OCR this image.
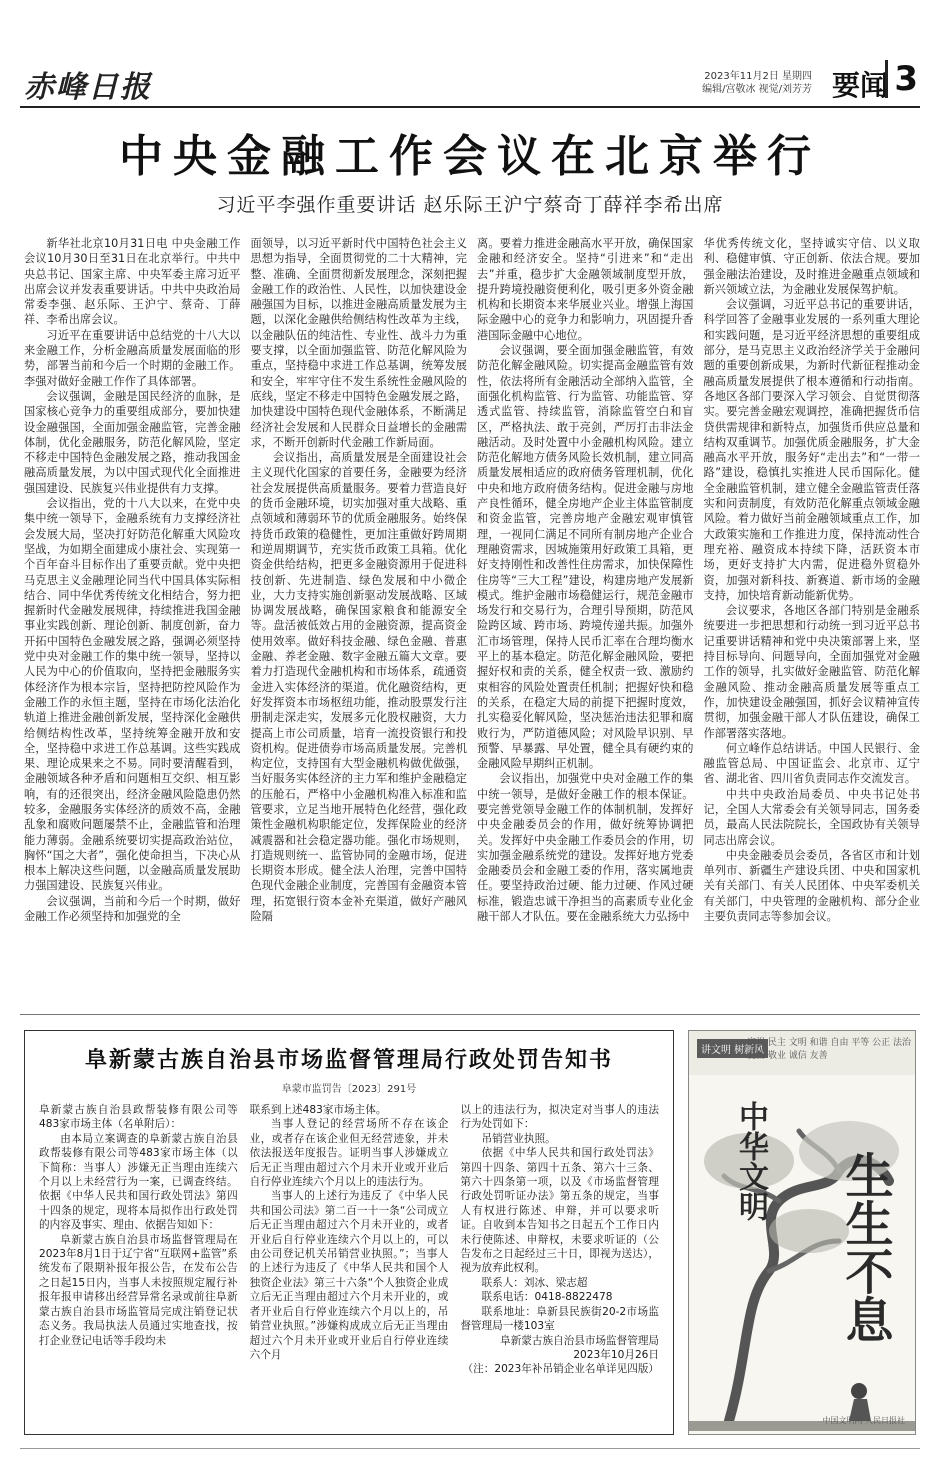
赤峰日报	2023年11月2日 星期四
编辑/宫敬冰 视觉/刘芳芳 要闻 3
中央金融工作会议在北京举行
习近平李强作重要讲话 赵乐际王沪宁蔡奇丁薛祥李希出席

新华社北京10月31日电 中央金融工作会议10月30日至31日在北京举行。中共中央总书记、国家主席、中央军委主席习近平出席会议并发表重要讲话。中共中央政治局常委李强、赵乐际、王沪宁、蔡奇、丁薛祥、李希出席会议。

习近平在重要讲话中总结党的十八大以来金融工作，分析金融高质量发展面临的形势，部署当前和今后一个时期的金融工作。李强对做好金融工作作了具体部署。

会议强调，金融是国民经济的血脉，是国家核心竞争力的重要组成部分，要加快建设金融强国，全面加强金融监管，完善金融体制，优化金融服务，防范化解风险，坚定不移走中国特色金融发展之路，推动我国金融高质量发展，为以中国式现代化全面推进强国建设、民族复兴伟业提供有力支撑。

会议指出，党的十八大以来，在党中央集中统一领导下，金融系统有力支撑经济社会发展大局，坚决打好防范化解重大风险攻坚战，为如期全面建成小康社会、实现第一个百年奋斗目标作出了重要贡献。党中央把马克思主义金融理论同当代中国具体实际相结合、同中华优秀传统文化相结合，努力把握新时代金融发展规律，持续推进我国金融事业实践创新、理论创新、制度创新，奋力开拓中国特色金融发展之路，强调必须坚持党中央对金融工作的集中统一领导，坚持以人民为中心的价值取向，坚持把金融服务实体经济作为根本宗旨，坚持把防控风险作为金融工作的永恒主题，坚持在市场化法治化轨道上推进金融创新发展，坚持深化金融供给侧结构性改革，坚持统筹金融开放和安全，坚持稳中求进工作总基调。这些实践成果、理论成果来之不易。同时要清醒看到，金融领域各种矛盾和问题相互交织、相互影响，有的还很突出，经济金融风险隐患仍然较多，金融服务实体经济的质效不高，金融乱象和腐败问题屡禁不止，金融监管和治理能力薄弱。金融系统要切实提高政治站位，胸怀“国之大者”，强化使命担当，下决心从根本上解决这些问题，以金融高质量发展助力强国建设、民族复兴伟业。

会议强调，当前和今后一个时期，做好金融工作必须坚持和加强党的全

面领导，以习近平新时代中国特色社会主义思想为指导，全面贯彻党的二十大精神，完整、准确、全面贯彻新发展理念，深刻把握金融工作的政治性、人民性，以加快建设金融强国为目标，以推进金融高质量发展为主题，以深化金融供给侧结构性改革为主线，以金融队伍的纯洁性、专业性、战斗力为重要支撑，以全面加强监管、防范化解风险为重点，坚持稳中求进工作总基调，统筹发展和安全，牢牢守住不发生系统性金融风险的底线，坚定不移走中国特色金融发展之路，加快建设中国特色现代金融体系，不断满足经济社会发展和人民群众日益增长的金融需求，不断开创新时代金融工作新局面。

会议指出，高质量发展是全面建设社会主义现代化国家的首要任务，金融要为经济社会发展提供高质量服务。要着力营造良好的货币金融环境，切实加强对重大战略、重点领域和薄弱环节的优质金融服务。始终保持货币政策的稳健性，更加注重做好跨周期和逆周期调节，充实货币政策工具箱。优化资金供给结构，把更多金融资源用于促进科技创新、先进制造、绿色发展和中小微企业，大力支持实施创新驱动发展战略、区域协调发展战略，确保国家粮食和能源安全等。盘活被低效占用的金融资源，提高资金使用效率。做好科技金融、绿色金融、普惠金融、养老金融、数字金融五篇大文章。要着力打造现代金融机构和市场体系，疏通资金进入实体经济的渠道。优化融资结构，更好发挥资本市场枢纽功能，推动股票发行注册制走深走实，发展多元化股权融资，大力提高上市公司质量，培育一流投资银行和投资机构。促进债券市场高质量发展。完善机构定位，支持国有大型金融机构做优做强，当好服务实体经济的主力军和维护金融稳定的压舱石，严格中小金融机构准入标准和监管要求，立足当地开展特色化经营，强化政策性金融机构职能定位，发挥保险业的经济减震器和社会稳定器功能。强化市场规则，打造规则统一、监管协同的金融市场，促进长期资本形成。健全法人治理，完善中国特色现代金融企业制度，完善国有金融资本管理，拓宽银行资本金补充渠道，做好产融风险隔

离。要着力推进金融高水平开放，确保国家金融和经济安全。坚持“引进来”和“走出去”并重，稳步扩大金融领域制度型开放，提升跨境投融资便利化，吸引更多外资金融机构和长期资本来华展业兴业。增强上海国际金融中心的竞争力和影响力，巩固提升香港国际金融中心地位。

会议强调，要全面加强金融监管，有效防范化解金融风险。切实提高金融监管有效性，依法将所有金融活动全部纳入监管，全面强化机构监管、行为监管、功能监管、穿透式监管、持续监管，消除监管空白和盲区，严格执法、敢于亮剑，严厉打击非法金融活动。及时处置中小金融机构风险。建立防范化解地方债务风险长效机制，建立同高质量发展相适应的政府债务管理机制，优化中央和地方政府债务结构。促进金融与房地产良性循环，健全房地产企业主体监管制度和资金监管，完善房地产金融宏观审慎管理，一视同仁满足不同所有制房地产企业合理融资需求，因城施策用好政策工具箱，更好支持刚性和改善性住房需求，加快保障性住房等“三大工程”建设，构建房地产发展新模式。维护金融市场稳健运行，规范金融市场发行和交易行为，合理引导预期，防范风险跨区域、跨市场、跨境传递共振。加强外汇市场管理，保持人民币汇率在合理均衡水平上的基本稳定。防范化解金融风险，要把握好权和责的关系，健全权责一致、激励约束相容的风险处置责任机制；把握好快和稳的关系，在稳定大局的前提下把握时度效，扎实稳妥化解风险，坚决惩治违法犯罪和腐败行为，严防道德风险；对风险早识别、早预警、早暴露、早处置，健全具有硬约束的金融风险早期纠正机制。

会议指出，加强党中央对金融工作的集中统一领导，是做好金融工作的根本保证。要完善党领导金融工作的体制机制，发挥好中央金融委员会的作用，做好统筹协调把关。发挥好中央金融工作委员会的作用，切实加强金融系统党的建设。发挥好地方党委金融委员会和金融工委的作用，落实属地责任。要坚持政治过硬、能力过硬、作风过硬标准，锻造忠诚干净担当的高素质专业化金融干部人才队伍。要在金融系统大力弘扬中

华优秀传统文化，坚持诚实守信、以义取利、稳健审慎、守正创新、依法合规。要加强金融法治建设，及时推进金融重点领域和新兴领域立法，为金融业发展保驾护航。

会议强调，习近平总书记的重要讲话，科学回答了金融事业发展的一系列重大理论和实践问题，是习近平经济思想的重要组成部分，是马克思主义政治经济学关于金融问题的重要创新成果，为新时代新征程推动金融高质量发展提供了根本遵循和行动指南。各地区各部门要深入学习领会、自觉贯彻落实。要完善金融宏观调控，准确把握货币信贷供需规律和新特点，加强货币供应总量和结构双重调节。加强优质金融服务，扩大金融高水平开放，服务好“走出去”和“一带一路”建设，稳慎扎实推进人民币国际化。健全金融监管机制，建立健全金融监管责任落实和问责制度，有效防范化解重点领域金融风险。着力做好当前金融领域重点工作，加大政策实施和工作推进力度，保持流动性合理充裕、融资成本持续下降，活跃资本市场，更好支持扩大内需，促进稳外贸稳外资，加强对新科技、新赛道、新市场的金融支持，加快培育新动能新优势。

会议要求，各地区各部门特别是金融系统要进一步把思想和行动统一到习近平总书记重要讲话精神和党中央决策部署上来，坚持目标导向、问题导向，全面加强党对金融工作的领导，扎实做好金融监管、防范化解金融风险、推动金融高质量发展等重点工作，加快建设金融强国，抓好会议精神宣传贯彻，加强金融干部人才队伍建设，确保工作部署落实落地。

何立峰作总结讲话。中国人民银行、金融监管总局、中国证监会、北京市、辽宁省、湖北省、四川省负责同志作交流发言。

中共中央政治局委员、中央书记处书记，全国人大常委会有关领导同志，国务委员，最高人民法院院长，全国政协有关领导同志出席会议。

中央金融委员会委员，各省区市和计划单列市、新疆生产建设兵团、中央和国家机关有关部门、有关人民团体、中央军委机关有关部门，中央管理的金融机构、部分企业主要负责同志等参加会议。

阜新蒙古族自治县市场监督管理局行政处罚告知书
阜蒙市监罚告〔2023〕291号

阜新蒙古族自治县政帮装修有限公司等483家市场主体（名单附后）：

由本局立案调查的阜新蒙古族自治县政帮装修有限公司等483家市场主体（以下简称：当事人）涉嫌无正当理由连续六个月以上未经营行为一案，已调查终结。依据《中华人民共和国行政处罚法》第四十四条的规定，现将本局拟作出行政处罚的内容及事实、理由、依据告知如下：

阜新蒙古族自治县市场监督管理局在2023年8月1日于辽宁省“互联网+监管”系统发布了限期补报年报公告，在发布公告之日起15日内，当事人未按照规定履行补报年报申请移出经营异常名录或前往阜新蒙古族自治县市场监管局完成注销登记状态义务。我局执法人员通过实地查找，按打企业登记电话等手段均未

联系到上述483家市场主体。

当事人登记的经营场所不存在该企业，或者存在该企业但无经营迹象，并未依法报送年度报告。证明当事人涉嫌成立后无正当理由超过六个月未开业或开业后自行停业连续六个月以上的违法行为。

当事人的上述行为违反了《中华人民共和国公司法》第二百一十一条“公司成立后无正当理由超过六个月未开业的，或者开业后自行停业连续六个月以上的，可以由公司登记机关吊销营业执照。”；当事人的上述行为违反了《中华人民共和国个人独资企业法》第三十六条“个人独资企业成立后无正当理由超过六个月未开业的，或者开业后自行停业连续六个月以上的，吊销营业执照。”涉嫌构成成立后无正当理由超过六个月未开业或开业后自行停业连续六个月

以上的违法行为，拟决定对当事人的违法行为处罚如下：

吊销营业执照。

依据《中华人民共和国行政处罚法》第四十四条、第四十五条、第六十三条、第六十四条第一项，以及《市场监督管理行政处罚听证办法》第五条的规定，当事人有权进行陈述、申辩，并可以要求听证。自收到本告知书之日起五个工作日内未行使陈述、申辩权，未要求听证的（公告发布之日起经过三十日，即视为送达），视为放弃此权利。

联系人：刘冰、梁志超

联系电话：0418-8822478

联系地址：阜新县民族街20-2市场监督管理局一楼103室

阜新蒙古族自治县市场监督管理局

2023年10月26日

（注：2023年补吊销企业名单详见四版）

讲文明 树新风
富强 民主 文明 和谐 自由 平等 公正 法治
爱国 敬业 诚信 友善
中华文明 生生不息
中国文明网 人民日报社
